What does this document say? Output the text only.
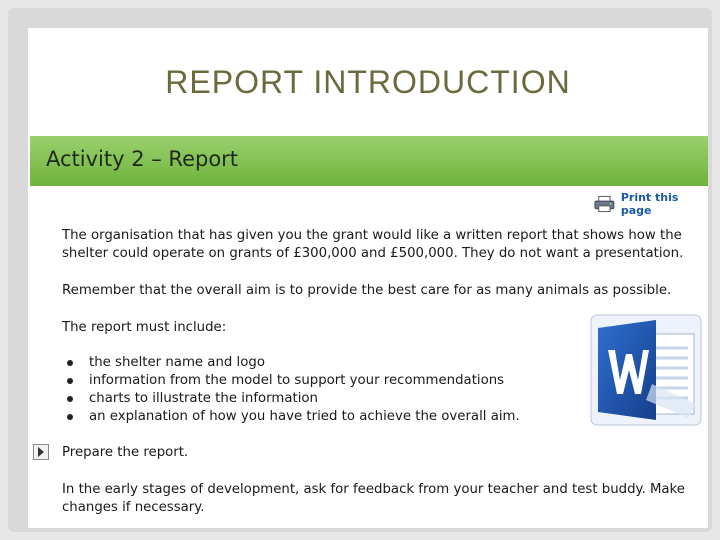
REPORT INTRODUCTION
Activity 2 – Report
Print this page
The organisation that has given you the grant would like a written report that shows how the shelter could operate on grants of £300,000 and £500,000. They do not want a presentation.
Remember that the overall aim is to provide the best care for as many animals as possible.
The report must include:
the shelter name and logo
information from the model to support your recommendations
charts to illustrate the information
an explanation of how you have tried to achieve the overall aim.
Prepare the report.
In the early stages of development, ask for feedback from your teacher and test buddy. Make changes if necessary.
